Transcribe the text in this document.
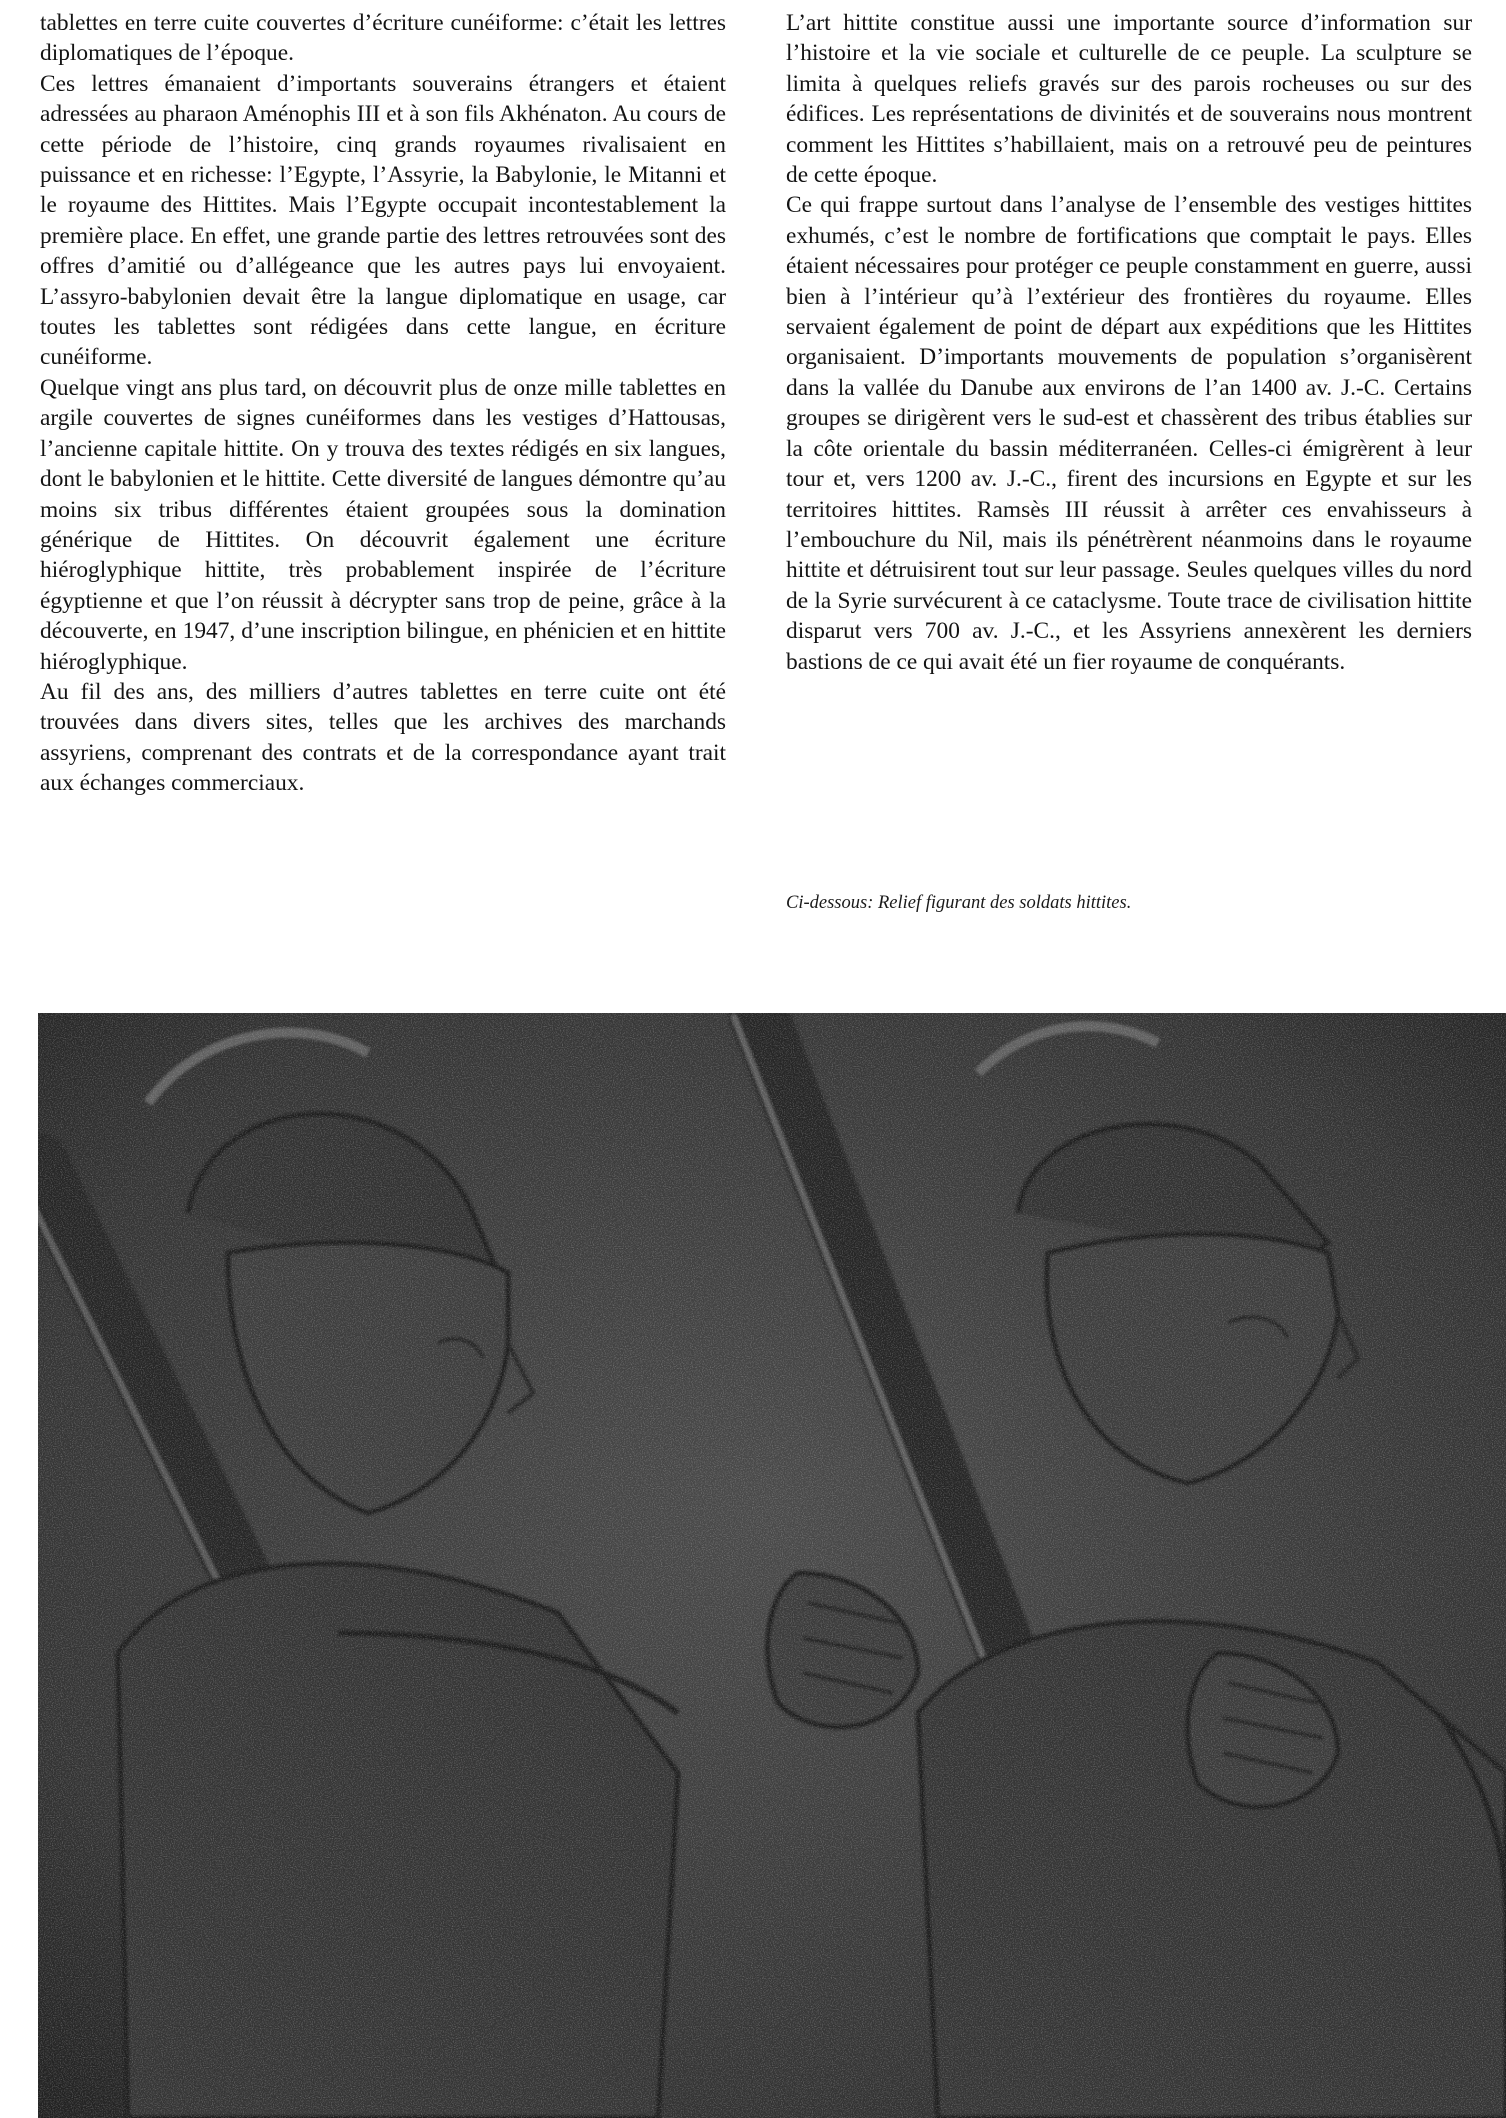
tablettes en terre cuite couvertes d’écriture cunéiforme: c’était les lettres diplomatiques de l’époque.

Ces lettres émanaient d’importants souverains étrangers et étaient adressées au pharaon Aménophis III et à son fils Akhénaton. Au cours de cette période de l’histoire, cinq grands royaumes rivalisaient en puissance et en richesse: l’Egypte, l’Assyrie, la Babylonie, le Mitanni et le royaume des Hittites. Mais l’Egypte occupait incontestablement la première place. En effet, une grande partie des lettres retrouvées sont des offres d’amitié ou d’allégeance que les autres pays lui envoyaient. L’assyro-babylonien devait être la langue diplomatique en usage, car toutes les tablettes sont rédigées dans cette langue, en écriture cunéiforme.

Quelque vingt ans plus tard, on découvrit plus de onze mille tablettes en argile couvertes de signes cunéiformes dans les vestiges d’Hattousas, l’ancienne capitale hittite. On y trouva des textes rédigés en six langues, dont le babylonien et le hittite. Cette diversité de langues démontre qu’au moins six tribus différentes étaient groupées sous la domination générique de Hittites. On découvrit également une écriture hiéroglyphique hittite, très probablement inspirée de l’écriture égyptienne et que l’on réussit à décrypter sans trop de peine, grâce à la découverte, en 1947, d’une inscription bilingue, en phénicien et en hittite hiéroglyphique.

Au fil des ans, des milliers d’autres tablettes en terre cuite ont été trouvées dans divers sites, telles que les archives des marchands assyriens, comprenant des contrats et de la correspondance ayant trait aux échanges commerciaux.

L’art hittite constitue aussi une importante source d’information sur l’histoire et la vie sociale et culturelle de ce peuple. La sculpture se limita à quelques reliefs gravés sur des parois rocheuses ou sur des édifices. Les représentations de divinités et de souverains nous montrent comment les Hittites s’habillaient, mais on a retrouvé peu de peintures de cette époque.

Ce qui frappe surtout dans l’analyse de l’ensemble des vestiges hittites exhumés, c’est le nombre de fortifications que comptait le pays. Elles étaient nécessaires pour protéger ce peuple constamment en guerre, aussi bien à l’intérieur qu’à l’extérieur des frontières du royaume. Elles servaient également de point de départ aux expéditions que les Hittites organisaient. D’importants mouvements de population s’organisèrent dans la vallée du Danube aux environs de l’an 1400 av. J.-C. Certains groupes se dirigèrent vers le sud-est et chassèrent des tribus établies sur la côte orientale du bassin méditerranéen. Celles-ci émigrèrent à leur tour et, vers 1200 av. J.-C., firent des incursions en Egypte et sur les territoires hittites. Ramsès III réussit à arrêter ces envahisseurs à l’embouchure du Nil, mais ils pénétrèrent néanmoins dans le royaume hittite et détruisirent tout sur leur passage. Seules quelques villes du nord de la Syrie survécurent à ce cataclysme. Toute trace de civilisation hittite disparut vers 700 av. J.-C., et les Assyriens annexèrent les derniers bastions de ce qui avait été un fier royaume de conquérants.

Ci-dessous: Relief figurant des soldats hittites.
